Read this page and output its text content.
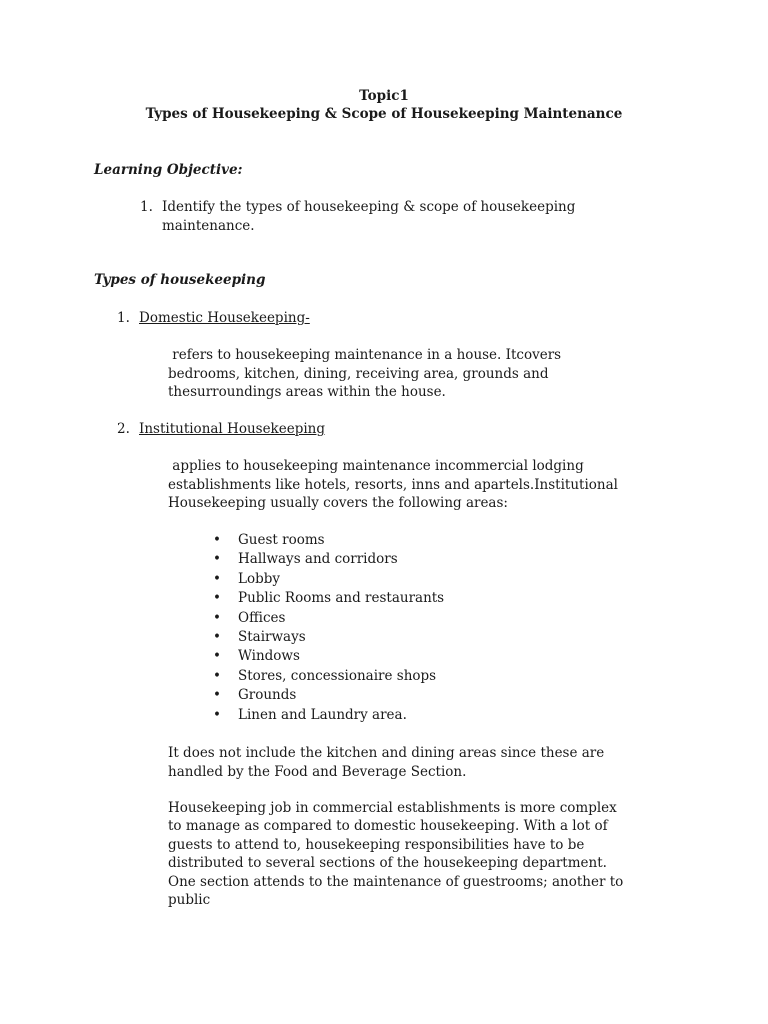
Topic1
Types of Housekeeping & Scope of Housekeeping Maintenance
Learning Objective:
1. Identify the types of housekeeping & scope of housekeeping
maintenance.
Types of housekeeping
1. Domestic Housekeeping-
refers to housekeeping maintenance in a house. Itcovers
bedrooms, kitchen, dining, receiving area, grounds and
thesurroundings areas within the house.
2. Institutional Housekeeping
applies to housekeeping maintenance incommercial lodging
establishments like hotels, resorts, inns and apartels.Institutional
Housekeeping usually covers the following areas:
• Guest rooms
• Hallways and corridors
• Lobby
• Public Rooms and restaurants
• Offices
• Stairways
• Windows
• Stores, concessionaire shops
• Grounds
• Linen and Laundry area.
It does not include the kitchen and dining areas since these are
handled by the Food and Beverage Section.
Housekeeping job in commercial establishments is more complex
to manage as compared to domestic housekeeping. With a lot of
guests to attend to, housekeeping responsibilities have to be
distributed to several sections of the housekeeping department.
One section attends to the maintenance of guestrooms; another to
public
